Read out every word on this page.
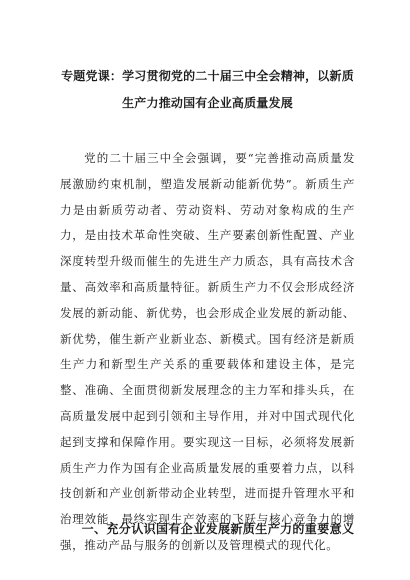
专题党课：学习贯彻党的二十届三中全会精神，以新质生产力推动国有企业高质量发展
党的二十届三中全会强调，要“完善推动高质量发展激励约束机制，塑造发展新动能新优势”。新质生产力是由新质劳动者、劳动资料、劳动对象构成的生产力，是由技术革命性突破、生产要素创新性配置、产业深度转型升级而催生的先进生产力质态，具有高技术含量、高效率和高质量特征。新质生产力不仅会形成经济发展的新动能、新优势，也会形成企业发展的新动能、新优势，催生新产业新业态、新模式。国有经济是新质生产力和新型生产关系的重要载体和建设主体，是完整、准确、全面贯彻新发展理念的主力军和排头兵，在高质量发展中起到引领和主导作用，并对中国式现代化起到支撑和保障作用。要实现这一目标，必须将发展新质生产力作为国有企业高质量发展的重要着力点，以科技创新和产业创新带动企业转型，进而提升管理水平和治理效能，最终实现生产效率的飞跃与核心竞争力的增强，推动产品与服务的创新以及管理模式的现代化。
一、充分认识国有企业发展新质生产力的重要意义
